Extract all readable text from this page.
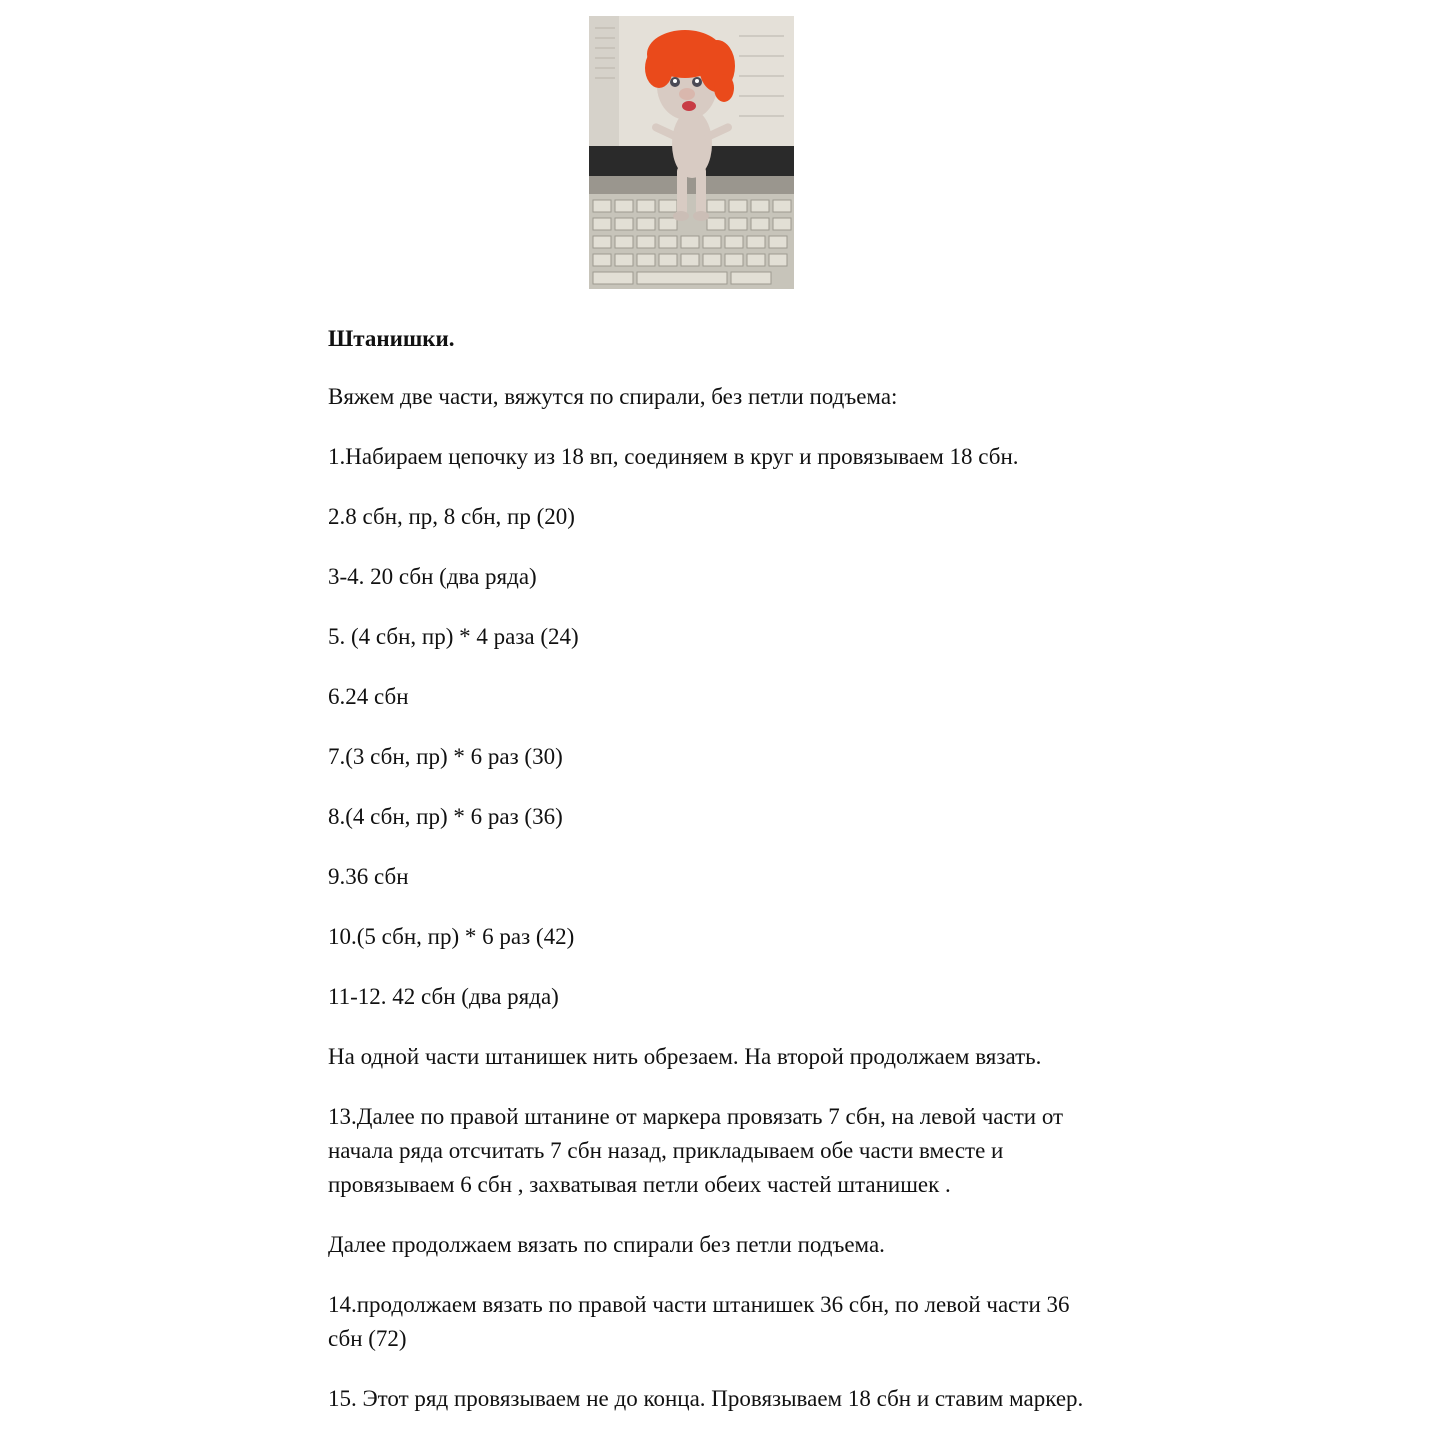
Штанишки.

Вяжем две части, вяжутся по спирали, без петли подъема:

1.Набираем цепочку из 18 вп, соединяем в круг и провязываем 18 сбн.

2.8 сбн, пр, 8 сбн, пр (20)

3-4. 20 сбн (два ряда)

5. (4 сбн, пр) * 4 раза (24)

6.24 сбн

7.(3 сбн, пр) * 6 раз (30)

8.(4 сбн, пр) * 6 раз (36)

9.36 сбн

10.(5 сбн, пр) * 6 раз (42)

11-12. 42 сбн (два ряда)

На одной части штанишек нить обрезаем. На второй продолжаем вязать.

13.Далее по правой штанине от маркера провязать 7 сбн, на левой части от

начала ряда отсчитать 7 сбн назад, прикладываем обе части вместе и

провязываем 6 сбн , захватывая петли обеих частей штанишек .

Далее продолжаем вязать по спирали без петли подъема.

14.продолжаем вязать по правой части штанишек 36 сбн, по левой части 36

сбн (72)

15. Этот ряд провязываем не до конца. Провязываем 18 сбн и ставим маркер.
